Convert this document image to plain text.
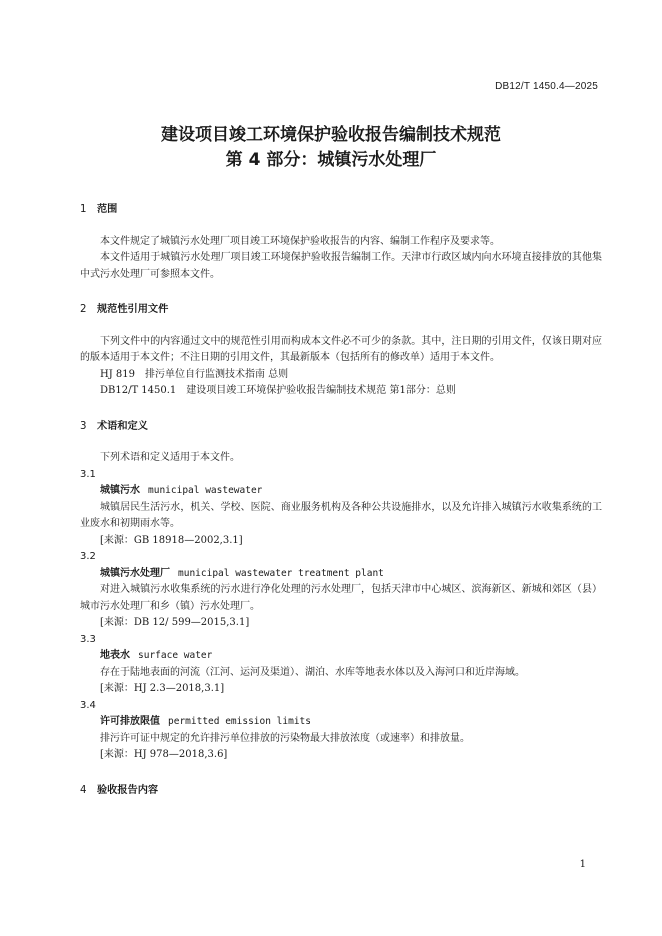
DB12/T 1450.4—2025
建设项目竣工环境保护验收报告编制技术规范
第 4 部分：城镇污水处理厂
1	范围

本文件规定了城镇污水处理厂项目竣工环境保护验收报告的内容、编制工作程序及要求等。

本文件适用于城镇污水处理厂项目竣工环境保护验收报告编制工作。天津市行政区域内向水环境直接排放的其他集中式污水处理厂可参照本文件。

2	规范性引用文件

下列文件中的内容通过文中的规范性引用而构成本文件必不可少的条款。其中，注日期的引用文件，仅该日期对应的版本适用于本文件；不注日期的引用文件，其最新版本（包括所有的修改单）适用于本文件。

HJ 819　排污单位自行监测技术指南 总则

DB12/T 1450.1　建设项目竣工环境保护验收报告编制技术规范 第1部分：总则

3	术语和定义

下列术语和定义适用于本文件。

3.1

城镇污水 municipal wastewater

城镇居民生活污水，机关、学校、医院、商业服务机构及各种公共设施排水，以及允许排入城镇污水收集系统的工业废水和初期雨水等。

[来源：GB 18918—2002,3.1]

3.2

城镇污水处理厂 municipal wastewater treatment plant

对进入城镇污水收集系统的污水进行净化处理的污水处理厂，包括天津市中心城区、滨海新区、新城和郊区（县）城市污水处理厂和乡（镇）污水处理厂。

[来源：DB 12/ 599—2015,3.1]

3.3

地表水 surface water

存在于陆地表面的河流（江河、运河及渠道）、湖泊、水库等地表水体以及入海河口和近岸海域。

[来源：HJ 2.3—2018,3.1]

3.4

许可排放限值 permitted emission limits

排污许可证中规定的允许排污单位排放的污染物最大排放浓度（或速率）和排放量。

[来源：HJ 978—2018,3.6]

4	验收报告内容
1
